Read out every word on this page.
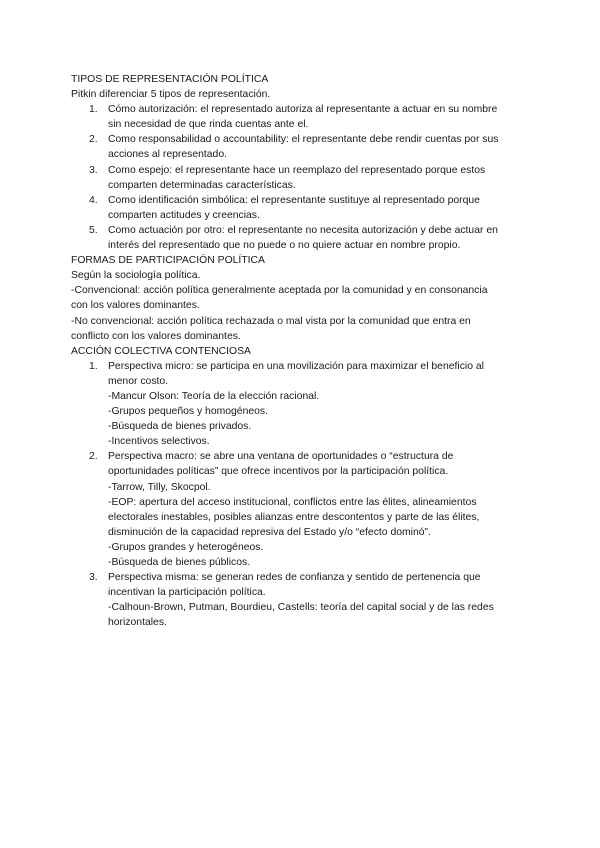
TIPOS DE REPRESENTACIÓN POLÍTICA

Pitkin diferenciar 5 tipos de representación.

1. Cómo autorización: el representado autoriza al representante a actuar en su nombre
sin necesidad de que rinda cuentas ante el.
2. Como responsabilidad o accountability: el representante debe rendir cuentas por sus
acciones al representado.
3. Como espejo: el representante hace un reemplazo del representado porque estos
comparten determinadas características.
4. Como identificación simbólica: el representante sustituye al representado porque
comparten actitudes y creencias.
5. Como actuación por otro: el representante no necesita autorización y debe actuar en
interés del representado que no puede o no quiere actuar en nombre propio.

FORMAS DE PARTICIPACIÓN POLÍTICA

Según la sociología política.

-Convencional: acción política generalmente aceptada por la comunidad y en consonancia

con los valores dominantes.

-No convencional: acción política rechazada o mal vista por la comunidad que entra en

conflicto con los valores dominantes.

ACCIÓN COLECTIVA CONTENCIOSA

1. Perspectiva micro: se participa en una movilización para maximizar el beneficio al
menor costo.
-Mancur Olson: Teoría de la elección racional.
-Grupos pequeños y homogéneos.
-Búsqueda de bienes privados.
-Incentivos selectivos.
2. Perspectiva macro: se abre una ventana de oportunidades o “estructura de
oportunidades políticas” que ofrece incentivos por la participación política.
-Tarrow, Tilly, Skocpol.
-EOP: apertura del acceso institucional, conflictos entre las élites, alineamientos
electorales inestables, posibles alianzas entre descontentos y parte de las élites,
disminución de la capacidad represiva del Estado y/o “efecto dominó”.
-Grupos grandes y heterogéneos.
-Búsqueda de bienes públicos.
3. Perspectiva misma: se generan redes de confianza y sentido de pertenencia que
incentivan la participación política.
-Calhoun-Brown, Putman, Bourdieu, Castells: teoría del capital social y de las redes
horizontales.
